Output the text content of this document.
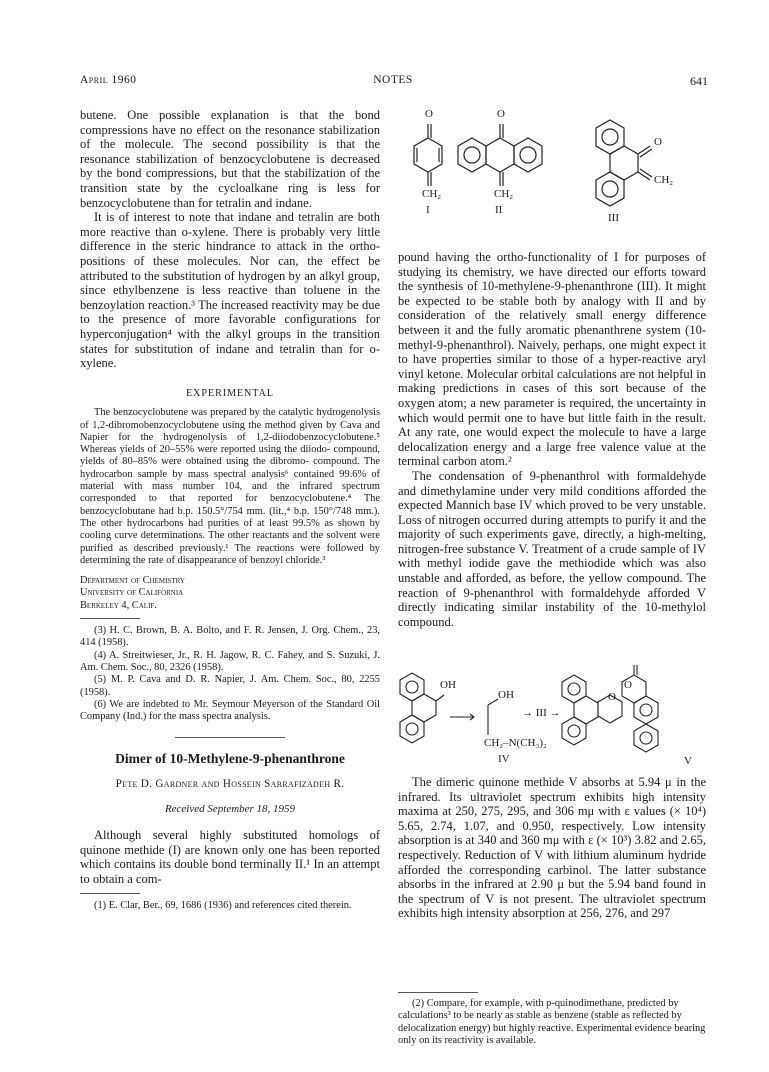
April 1960	NOTES	641

butene. One possible explanation is that the bond compressions have no effect on the resonance stabilization of the molecule. The second possibility is that the resonance stabilization of benzocyclobutene is decreased by the bond compressions, but that the stabilization of the transition state by the cycloalkane ring is less for benzocyclobutene than for tetralin and indane.

It is of interest to note that indane and tetralin are both more reactive than o-xylene. There is probably very little difference in the steric hindrance to attack in the ortho- positions of these molecules. Nor can, the effect be attributed to the substitution of hydrogen by an alkyl group, since ethylbenzene is less reactive than toluene in the benzoylation reaction.³ The increased reactivity may be due to the presence of more favorable configurations for hyperconjugation⁴ with the alkyl groups in the transition states for substitution of indane and tetralin than for o-xylene.

EXPERIMENTAL

The benzocyclobutene was prepared by the catalytic hydrogenolysis of 1,2-dibromobenzocyclobutene using the method given by Cava and Napier for the hydrogenolysis of 1,2-diiodobenzocyclobutene.⁵ Whereas yields of 20–55% were reported using the diiodo- compound, yields of 80–85% were obtained using the dibromo- compound. The hydrocarbon sample by mass spectral analysis⁶ contained 99.6% of material with mass number 104, and the infrared spectrum corresponded to that reported for benzocyclobutene.⁴ The benzocyclobutane had b.p. 150.5°/754 mm. (lit.,⁴ b.p. 150°/748 mm.). The other hydrocarbons had purities of at least 99.5% as shown by cooling curve determinations. The other reactants and the solvent were purified as described previously.¹ The reactions were followed by determining the rate of disappearance of benzoyl chloride.³

Department of Chemistry
University of California
Berkeley 4, Calif.

(3) H. C. Brown, B. A. Bolto, and F. R. Jensen, J. Org. Chem., 23, 414 (1958).

(4) A. Streitwieser, Jr., R. H. Jagow, R. C. Fahey, and S. Suzuki, J. Am. Chem. Soc., 80, 2326 (1958).

(5) M. P. Cava and D. R. Napier, J. Am. Chem. Soc., 80, 2255 (1958).

(6) We are indebted to Mr. Seymour Meyerson of the Standard Oil Company (Ind.) for the mass spectra analysis.

Dimer of 10-Methylene-9-phenanthrone
Pete D. Gardner and Hossein Sarrafizadeh R.
Received September 18, 1959

Although several highly substituted homologs of quinone methide (I) are known only one has been reported which contains its double bond terminally II.¹ In an attempt to obtain a com-

(1) E. Clar, Ber., 69, 1686 (1936) and references cited therein.

O
CH₂
I
O
CH₂
II
O
CH₂
III

pound having the ortho-functionality of I for purposes of studying its chemistry, we have directed our efforts toward the synthesis of 10-methylene-9-phenanthrone (III). It might be expected to be stable both by analogy with II and by consideration of the relatively small energy difference between it and the fully aromatic phenanthrene system (10-methyl-9-phenanthrol). Naively, perhaps, one might expect it to have properties similar to those of a hyper-reactive aryl vinyl ketone. Molecular orbital calculations are not helpful in making predictions in cases of this sort because of the oxygen atom; a new parameter is required, the uncertainty in which would permit one to have but little faith in the result. At any rate, one would expect the molecule to have a large delocalization energy and a large free valence value at the terminal carbon atom.²

The condensation of 9-phenanthrol with formaldehyde and dimethylamine under very mild conditions afforded the expected Mannich base IV which proved to be very unstable. Loss of nitrogen occurred during attempts to purify it and the majority of such experiments gave, directly, a high-melting, nitrogen-free substance V. Treatment of a crude sample of IV with methyl iodide gave the methiodide which was also unstable and afforded, as before, the yellow compound. The reaction of 9-phenanthrol with formaldehyde afforded V directly indicating similar instability of the 10-methylol compound.

OH
OH
CH₂–N(CH₃)₂
IV
→ III →
O
O
V

The dimeric quinone methide V absorbs at 5.94 μ in the infrared. Its ultraviolet spectrum exhibits high intensity maxima at 250, 275, 295, and 306 mμ with ε values (× 10⁴) 5.65, 2.74, 1.07, and 0.950, respectively. Low intensity absorption is at 340 and 360 mμ with ε (× 10³) 3.82 and 2.65, respectively. Reduction of V with lithium aluminum hydride afforded the corresponding carbinol. The latter substance absorbs in the infrared at 2.90 μ but the 5.94 band found in the spectrum of V is not present. The ultraviolet spectrum exhibits high intensity absorption at 256, 276, and 297

(2) Compare, for example, with p-quinodimethane, predicted by calculations³ to be nearly as stable as benzene (stable as reflected by delocalization energy) but highly reactive. Experimental evidence bearing only on its reactivity is available.
